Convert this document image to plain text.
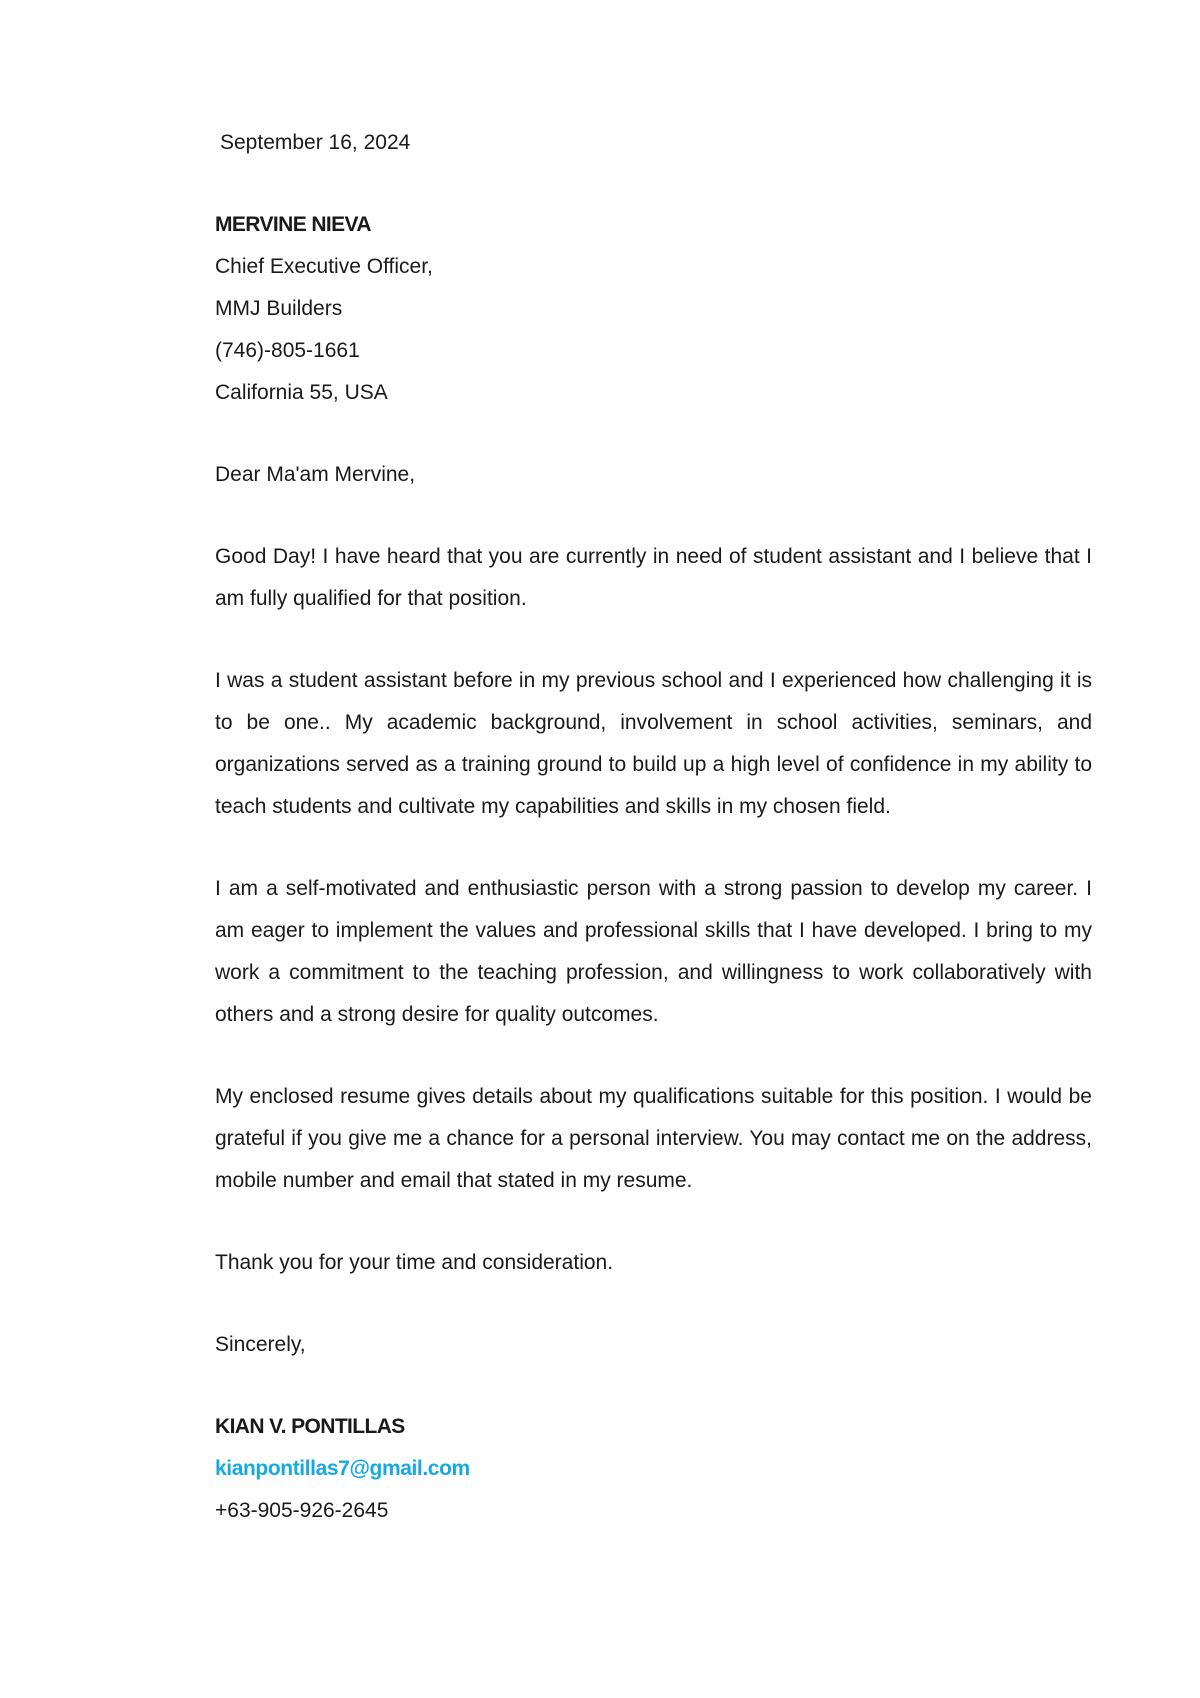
September 16, 2024
MERVINE NIEVA
Chief Executive Officer,
MMJ Builders
(746)-805-1661
California 55, USA
Dear Ma'am Mervine,

Good Day! I have heard that you are currently in need of student assistant and I believe that I am fully qualified for that position.

I was a student assistant before in my previous school and I experienced how challenging it is to be one.. My academic background, involvement in school activities, seminars, and organizations served as a training ground to build up a high level of confidence in my ability to teach students and cultivate my capabilities and skills in my chosen field.

I am a self-motivated and enthusiastic person with a strong passion to develop my career. I am eager to implement the values and professional skills that I have developed. I bring to my work a commitment to the teaching profession, and willingness to work collaboratively with others and a strong desire for quality outcomes.

My enclosed resume gives details about my qualifications suitable for this position. I would be grateful if you give me a chance for a personal interview. You may contact me on the address, mobile number and email that stated in my resume.

Thank you for your time and consideration.
Sincerely,
KIAN V. PONTILLAS
kianpontillas7@gmail.com
+63-905-926-2645
